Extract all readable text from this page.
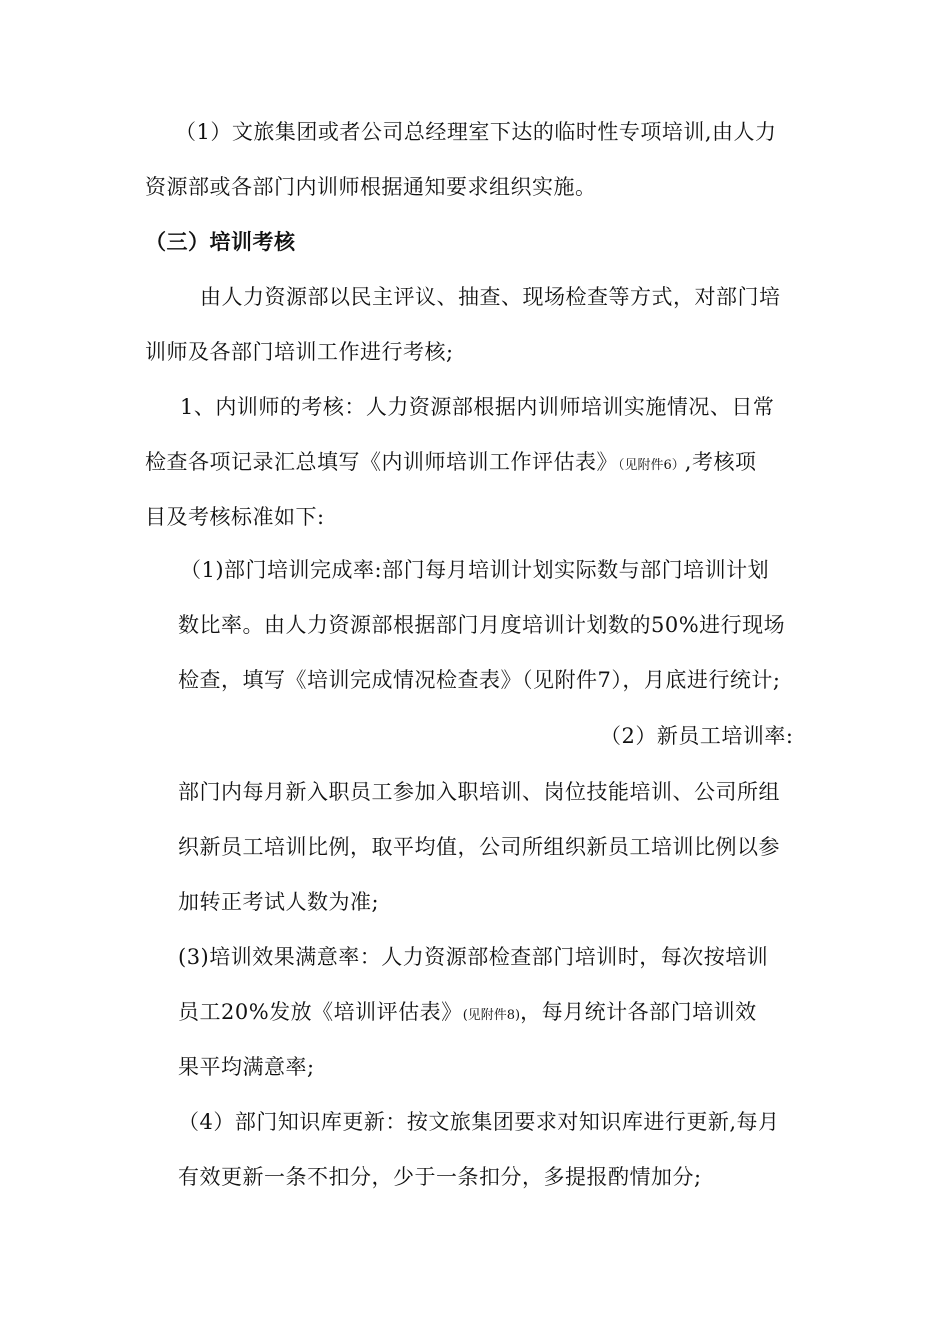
（1）文旅集团或者公司总经理室下达的临时性专项培训,由人力
资源部或各部门内训师根据通知要求组织实施。
（三）培训考核
由人力资源部以民主评议、抽查、现场检查等方式，对部门培
训师及各部门培训工作进行考核;
1、内训师的考核：人力资源部根据内训师培训实施情况、日常
检查各项记录汇总填写《内训师培训工作评估表》（见附件6）,考核项
目及考核标准如下:
（1)部门培训完成率:部门每月培训计划实际数与部门培训计划
数比率。由人力资源部根据部门月度培训计划数的50%进行现场
检查，填写《培训完成情况检查表》（见附件7），月底进行统计;
（2）新员工培训率:
部门内每月新入职员工参加入职培训、岗位技能培训、公司所组
织新员工培训比例，取平均值，公司所组织新员工培训比例以参
加转正考试人数为准;
(3)培训效果满意率：人力资源部检查部门培训时，每次按培训
员工20%发放《培训评估表》(见附件8)，每月统计各部门培训效
果平均满意率;
（4）部门知识库更新：按文旅集团要求对知识库进行更新,每月
有效更新一条不扣分，少于一条扣分，多提报酌情加分;
